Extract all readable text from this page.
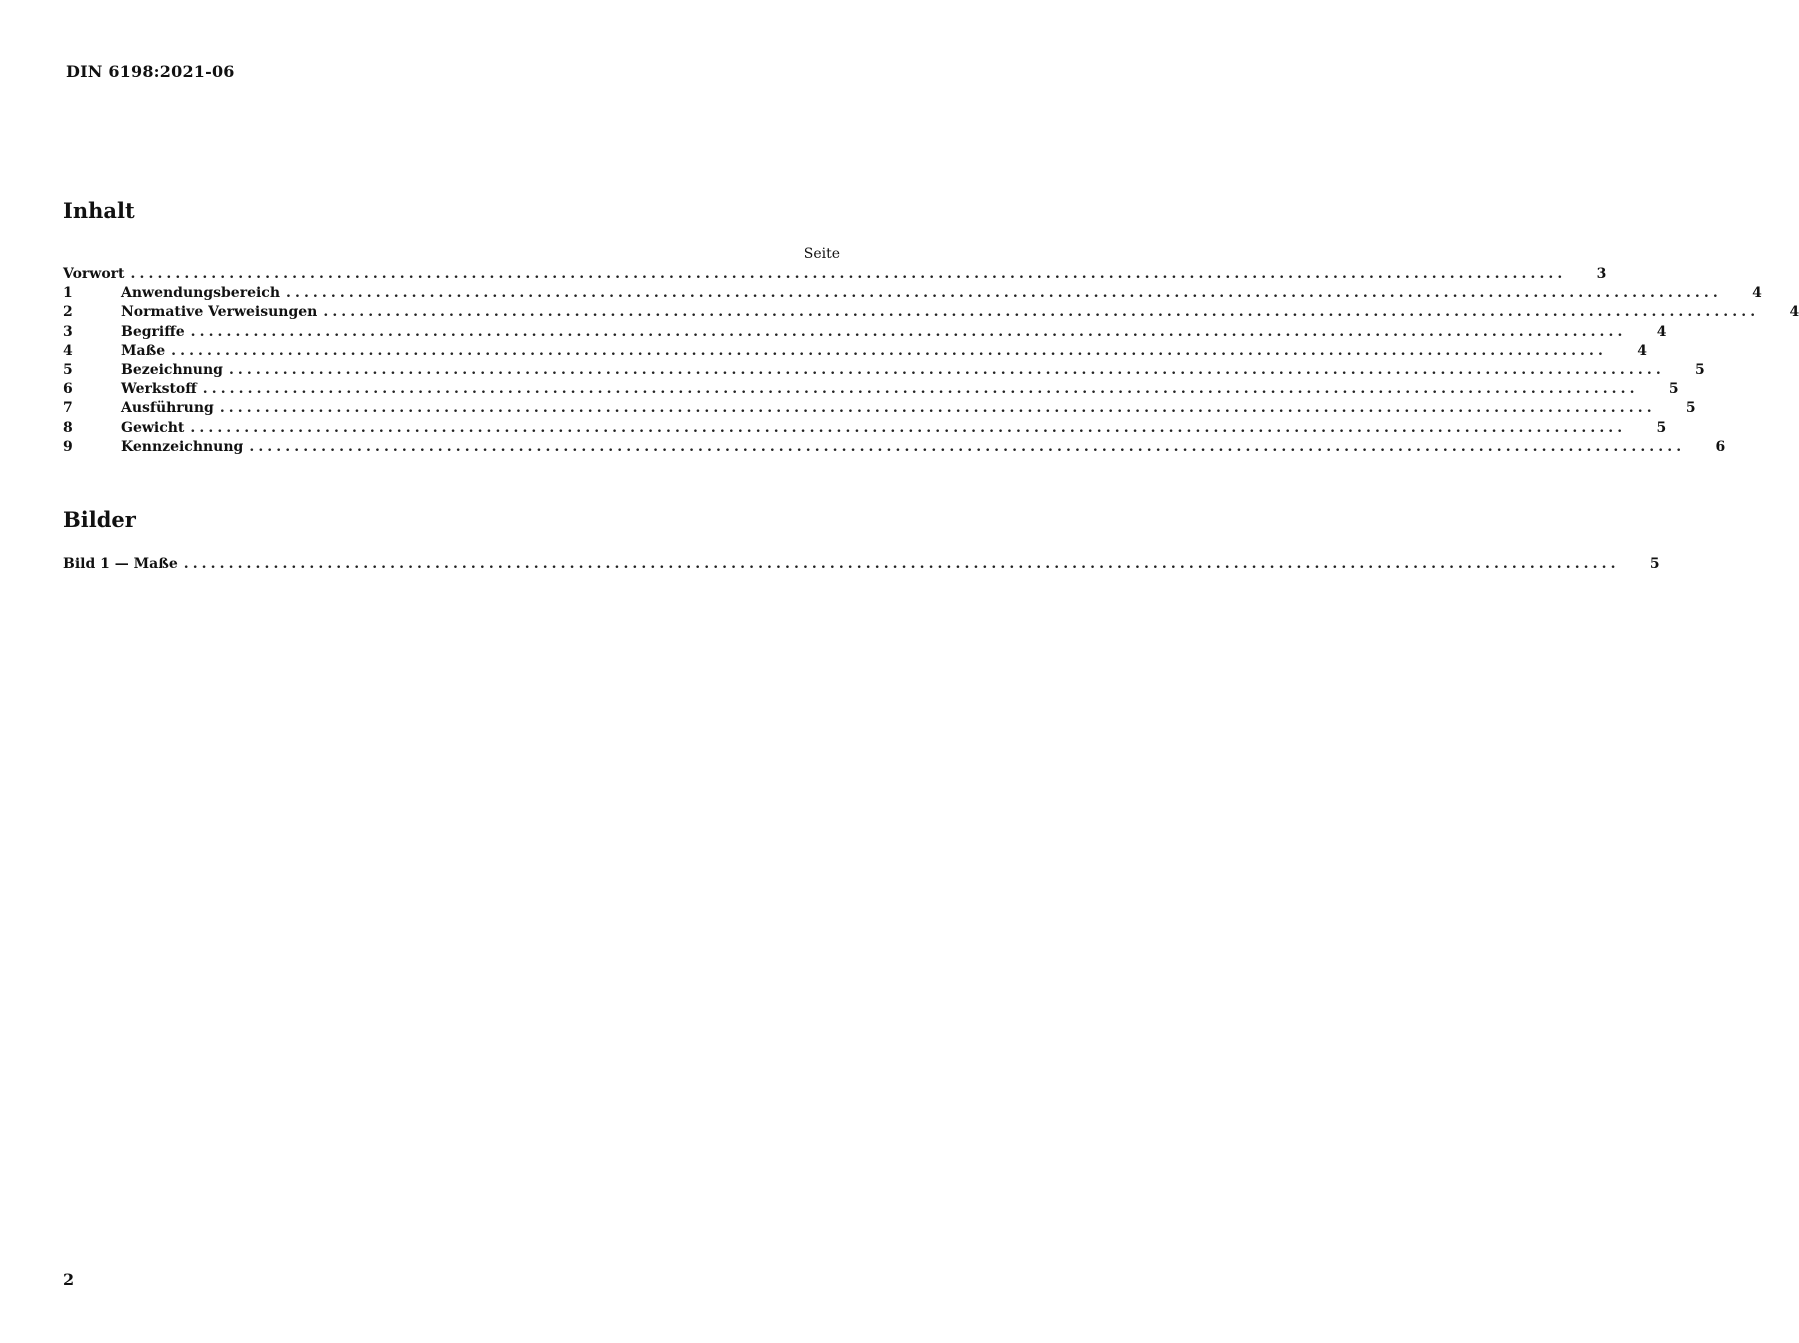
DIN 6198:2021-06
Inhalt
Seite
Vorwort ................................................................................................................................................................	3
1	Anwendungsbereich ................................................................................................................................................................	4
2	Normative Verweisungen ................................................................................................................................................................	4
3	Begriffe ................................................................................................................................................................	4
4	Maße ................................................................................................................................................................	4
5	Bezeichnung ................................................................................................................................................................	5
6	Werkstoff ................................................................................................................................................................	5
7	Ausführung ................................................................................................................................................................	5
8	Gewicht ................................................................................................................................................................	5
9	Kennzeichnung ................................................................................................................................................................	6
Bilder
Bild 1 — Maße ................................................................................................................................................................	5
2
